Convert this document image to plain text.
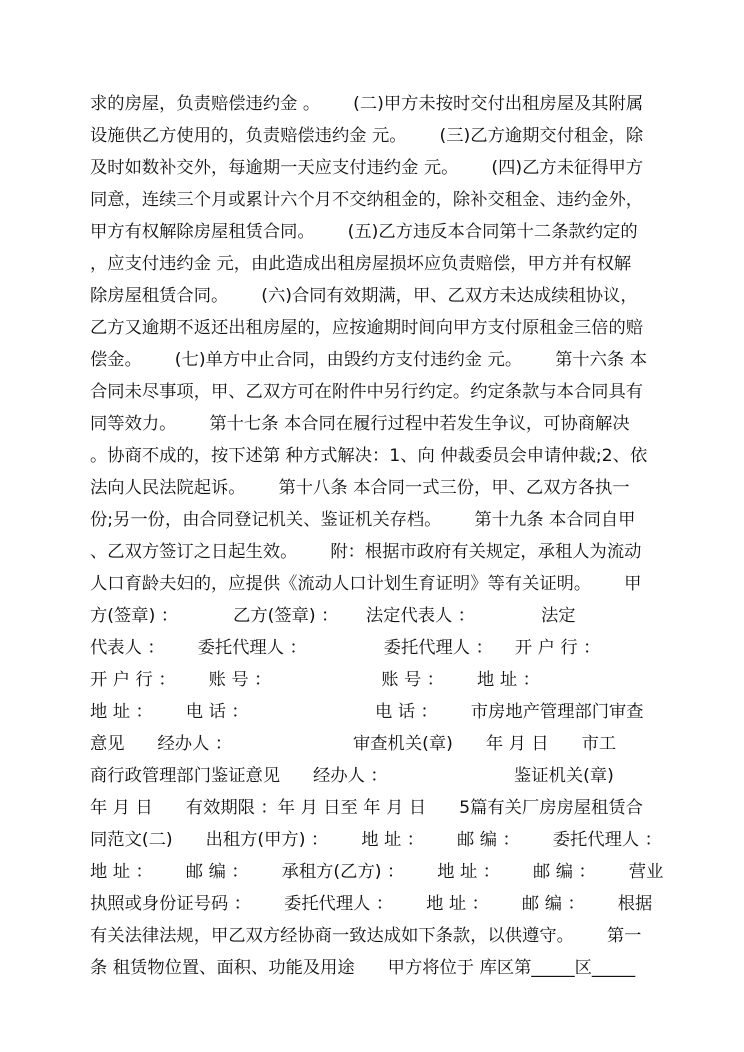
求的房屋，负责赔偿违约金 。      (二)甲方未按时交付出租房屋及其附属
设施供乙方使用的，负责赔偿违约金 元。      (三)乙方逾期交付租金，除
及时如数补交外，每逾期一天应支付违约金 元。      (四)乙方未征得甲方
同意，连续三个月或累计六个月不交纳租金的，除补交租金、违约金外，
甲方有权解除房屋租赁合同。      (五)乙方违反本合同第十二条款约定的
，应支付违约金 元，由此造成出租房屋损坏应负责赔偿，甲方并有权解
除房屋租赁合同。      (六)合同有效期满，甲、乙双方未达成续租协议，
乙方又逾期不返还出租房屋的，应按逾期时间向甲方支付原租金三倍的赔
偿金。      (七)单方中止合同，由毁约方支付违约金 元。      第十六条 本
合同未尽事项，甲、乙双方可在附件中另行约定。约定条款与本合同具有
同等效力。      第十七条 本合同在履行过程中若发生争议，可协商解决
。协商不成的，按下述第 种方式解决：1、向 仲裁委员会申请仲裁;2、依
法向人民法院起诉。      第十八条 本合同一式三份，甲、乙双方各执一
份;另一份，由合同登记机关、鉴证机关存档。      第十九条 本合同自甲
、乙双方签订之日起生效。      附：根据市政府有关规定，承租人为流动
人口育龄夫妇的，应提供《流动人口计划生育证明》等有关证明。      甲
方(签章) ：          乙方(签章) ：     法定代表人 ：            法定
代表人 ：      委托代理人 ：              委托代理人 ：    开 户 行 ：
开 户 行 ：      账 号 ：                    账 号 ：      地 址 ：
地 址 ：      电 话 ：                       电 话 ：      市房地产管理部门审查
意见      经办人 ：                      审查机关(章)      年 月 日      市工
商行政管理部门鉴证意见      经办人 ：                       鉴证机关(章)
年 月 日      有效期限 ：年 月 日至 年 月 日      5篇有关厂房房屋租赁合
同范文(二)      出租方(甲方) ：      地 址 ：      邮 编 ：      委托代理人 ：
地 址 ：      邮 编 ：      承租方(乙方) ：      地 址 ：      邮 编 ：      营业
执照或身份证号码 ：      委托代理人 ：      地 址 ：      邮 编 ：      根据
有关法律法规，甲乙双方经协商一致达成如下条款，以供遵守。      第一
条 租赁物位置、面积、功能及用途      甲方将位于 库区第_____区_____
